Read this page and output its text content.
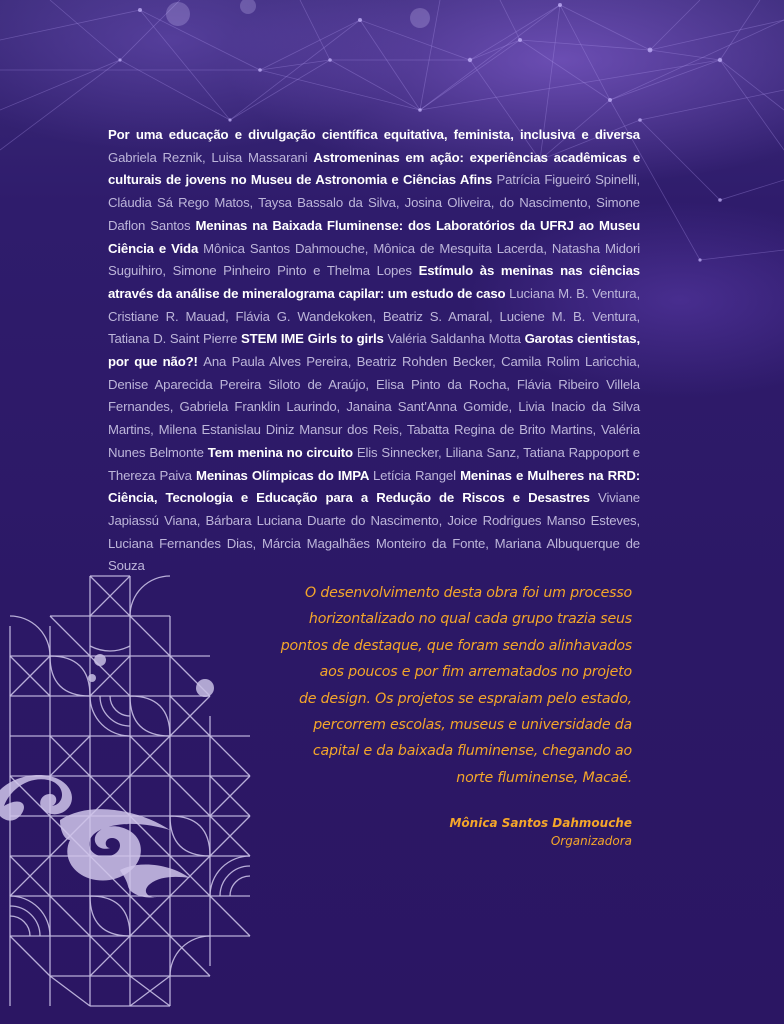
Por uma educação e divulgação científica equitativa, feminista, inclusiva e diversa Gabriela Reznik, Luisa Massarani Astromeninas em ação: experiências acadêmicas e culturais de jovens no Museu de Astronomia e Ciências Afins Patrícia Figueiró Spinelli, Cláudia Sá Rego Matos, Taysa Bassalo da Silva, Josina Oliveira, do Nascimento, Simone Daflon Santos Meninas na Baixada Fluminense: dos Laboratórios da UFRJ ao Museu Ciência e Vida Mônica Santos Dahmouche, Mônica de Mesquita Lacerda, Natasha Midori Suguihiro, Simone Pinheiro Pinto e Thelma Lopes Estímulo às meninas nas ciências através da análise de mineralograma capilar: um estudo de caso Luciana M. B. Ventura, Cristiane R. Mauad, Flávia G. Wandekoken, Beatriz S. Amaral, Luciene M. B. Ventura, Tatiana D. Saint Pierre STEM IME Girls to girls Valéria Saldanha Motta Garotas cientistas, por que não?! Ana Paula Alves Pereira, Beatriz Rohden Becker, Camila Rolim Laricchia, Denise Aparecida Pereira Siloto de Araújo, Elisa Pinto da Rocha, Flávia Ribeiro Villela Fernandes, Gabriela Franklin Laurindo, Janaina Sant'Anna Gomide, Livia Inacio da Silva Martins, Milena Estanislau Diniz Mansur dos Reis, Tabatta Regina de Brito Martins, Valéria Nunes Belmonte Tem menina no circuito Elis Sinnecker, Liliana Sanz, Tatiana Rappoport e Thereza Paiva Meninas Olímpicas do IMPA Letícia Rangel Meninas e Mulheres na RRD: Ciência, Tecnologia e Educação para a Redução de Riscos e Desastres Viviane Japiassú Viana, Bárbara Luciana Duarte do Nascimento, Joice Rodrigues Manso Esteves, Luciana Fernandes Dias, Márcia Magalhães Monteiro da Fonte, Mariana Albuquerque de Souza
O desenvolvimento desta obra foi um processo
horizontalizado no qual cada grupo trazia seus
pontos de destaque, que foram sendo alinhavados
aos poucos e por fim arrematados no projeto
de design. Os projetos se espraiam pelo estado,
percorrem escolas, museus e universidade da
capital e da baixada fluminense, chegando ao
norte fluminense, Macaé.
Mônica Santos Dahmouche
Organizadora
